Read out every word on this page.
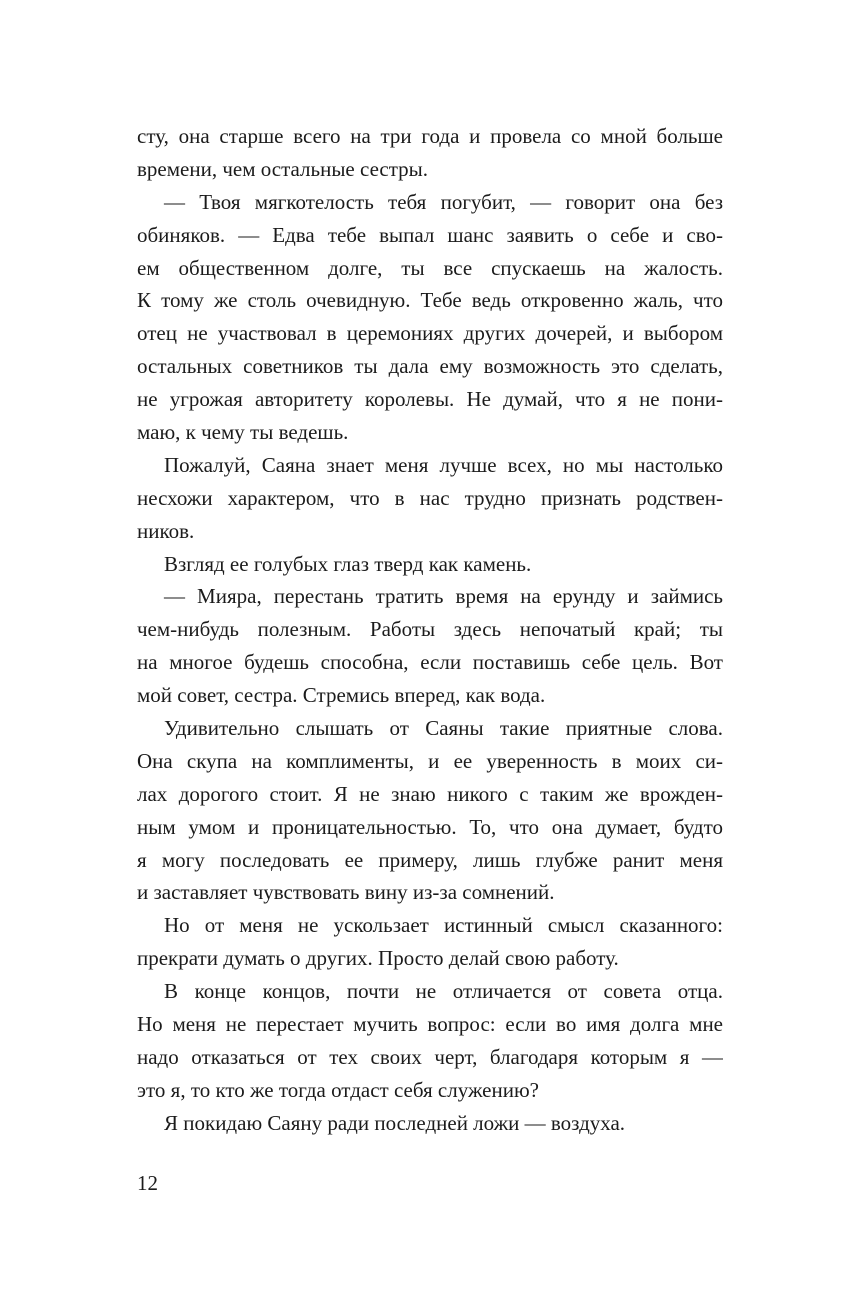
сту, она старше всего на три года и провела со мной больше
времени, чем остальные сестры.
— Твоя мягкотелость тебя погубит, — говорит она без
обиняков. — Едва тебе выпал шанс заявить о себе и сво-
ем общественном долге, ты все спускаешь на жалость.
К тому же столь очевидную. Тебе ведь откровенно жаль, что
отец не участвовал в церемониях других дочерей, и выбором
остальных советников ты дала ему возможность это сделать,
не угрожая авторитету королевы. Не думай, что я не пони-
маю, к чему ты ведешь.
Пожалуй, Саяна знает меня лучше всех, но мы настолько
несхожи характером, что в нас трудно признать родствен-
ников.
Взгляд ее голубых глаз тверд как камень.
— Мияра, перестань тратить время на ерунду и займись
чем-нибудь полезным. Работы здесь непочатый край; ты
на многое будешь способна, если поставишь себе цель. Вот
мой совет, сестра. Стремись вперед, как вода.
Удивительно слышать от Саяны такие приятные слова.
Она скупа на комплименты, и ее уверенность в моих си-
лах дорогого стоит. Я не знаю никого с таким же врожден-
ным умом и проницательностью. То, что она думает, будто
я могу последовать ее примеру, лишь глубже ранит меня
и заставляет чувствовать вину из-за сомнений.
Но от меня не ускользает истинный смысл сказанного:
прекрати думать о других. Просто делай свою работу.
В конце концов, почти не отличается от совета отца.
Но меня не перестает мучить вопрос: если во имя долга мне
надо отказаться от тех своих черт, благодаря которым я —
это я, то кто же тогда отдаст себя служению?
Я покидаю Саяну ради последней ложи — воздуха.
12
